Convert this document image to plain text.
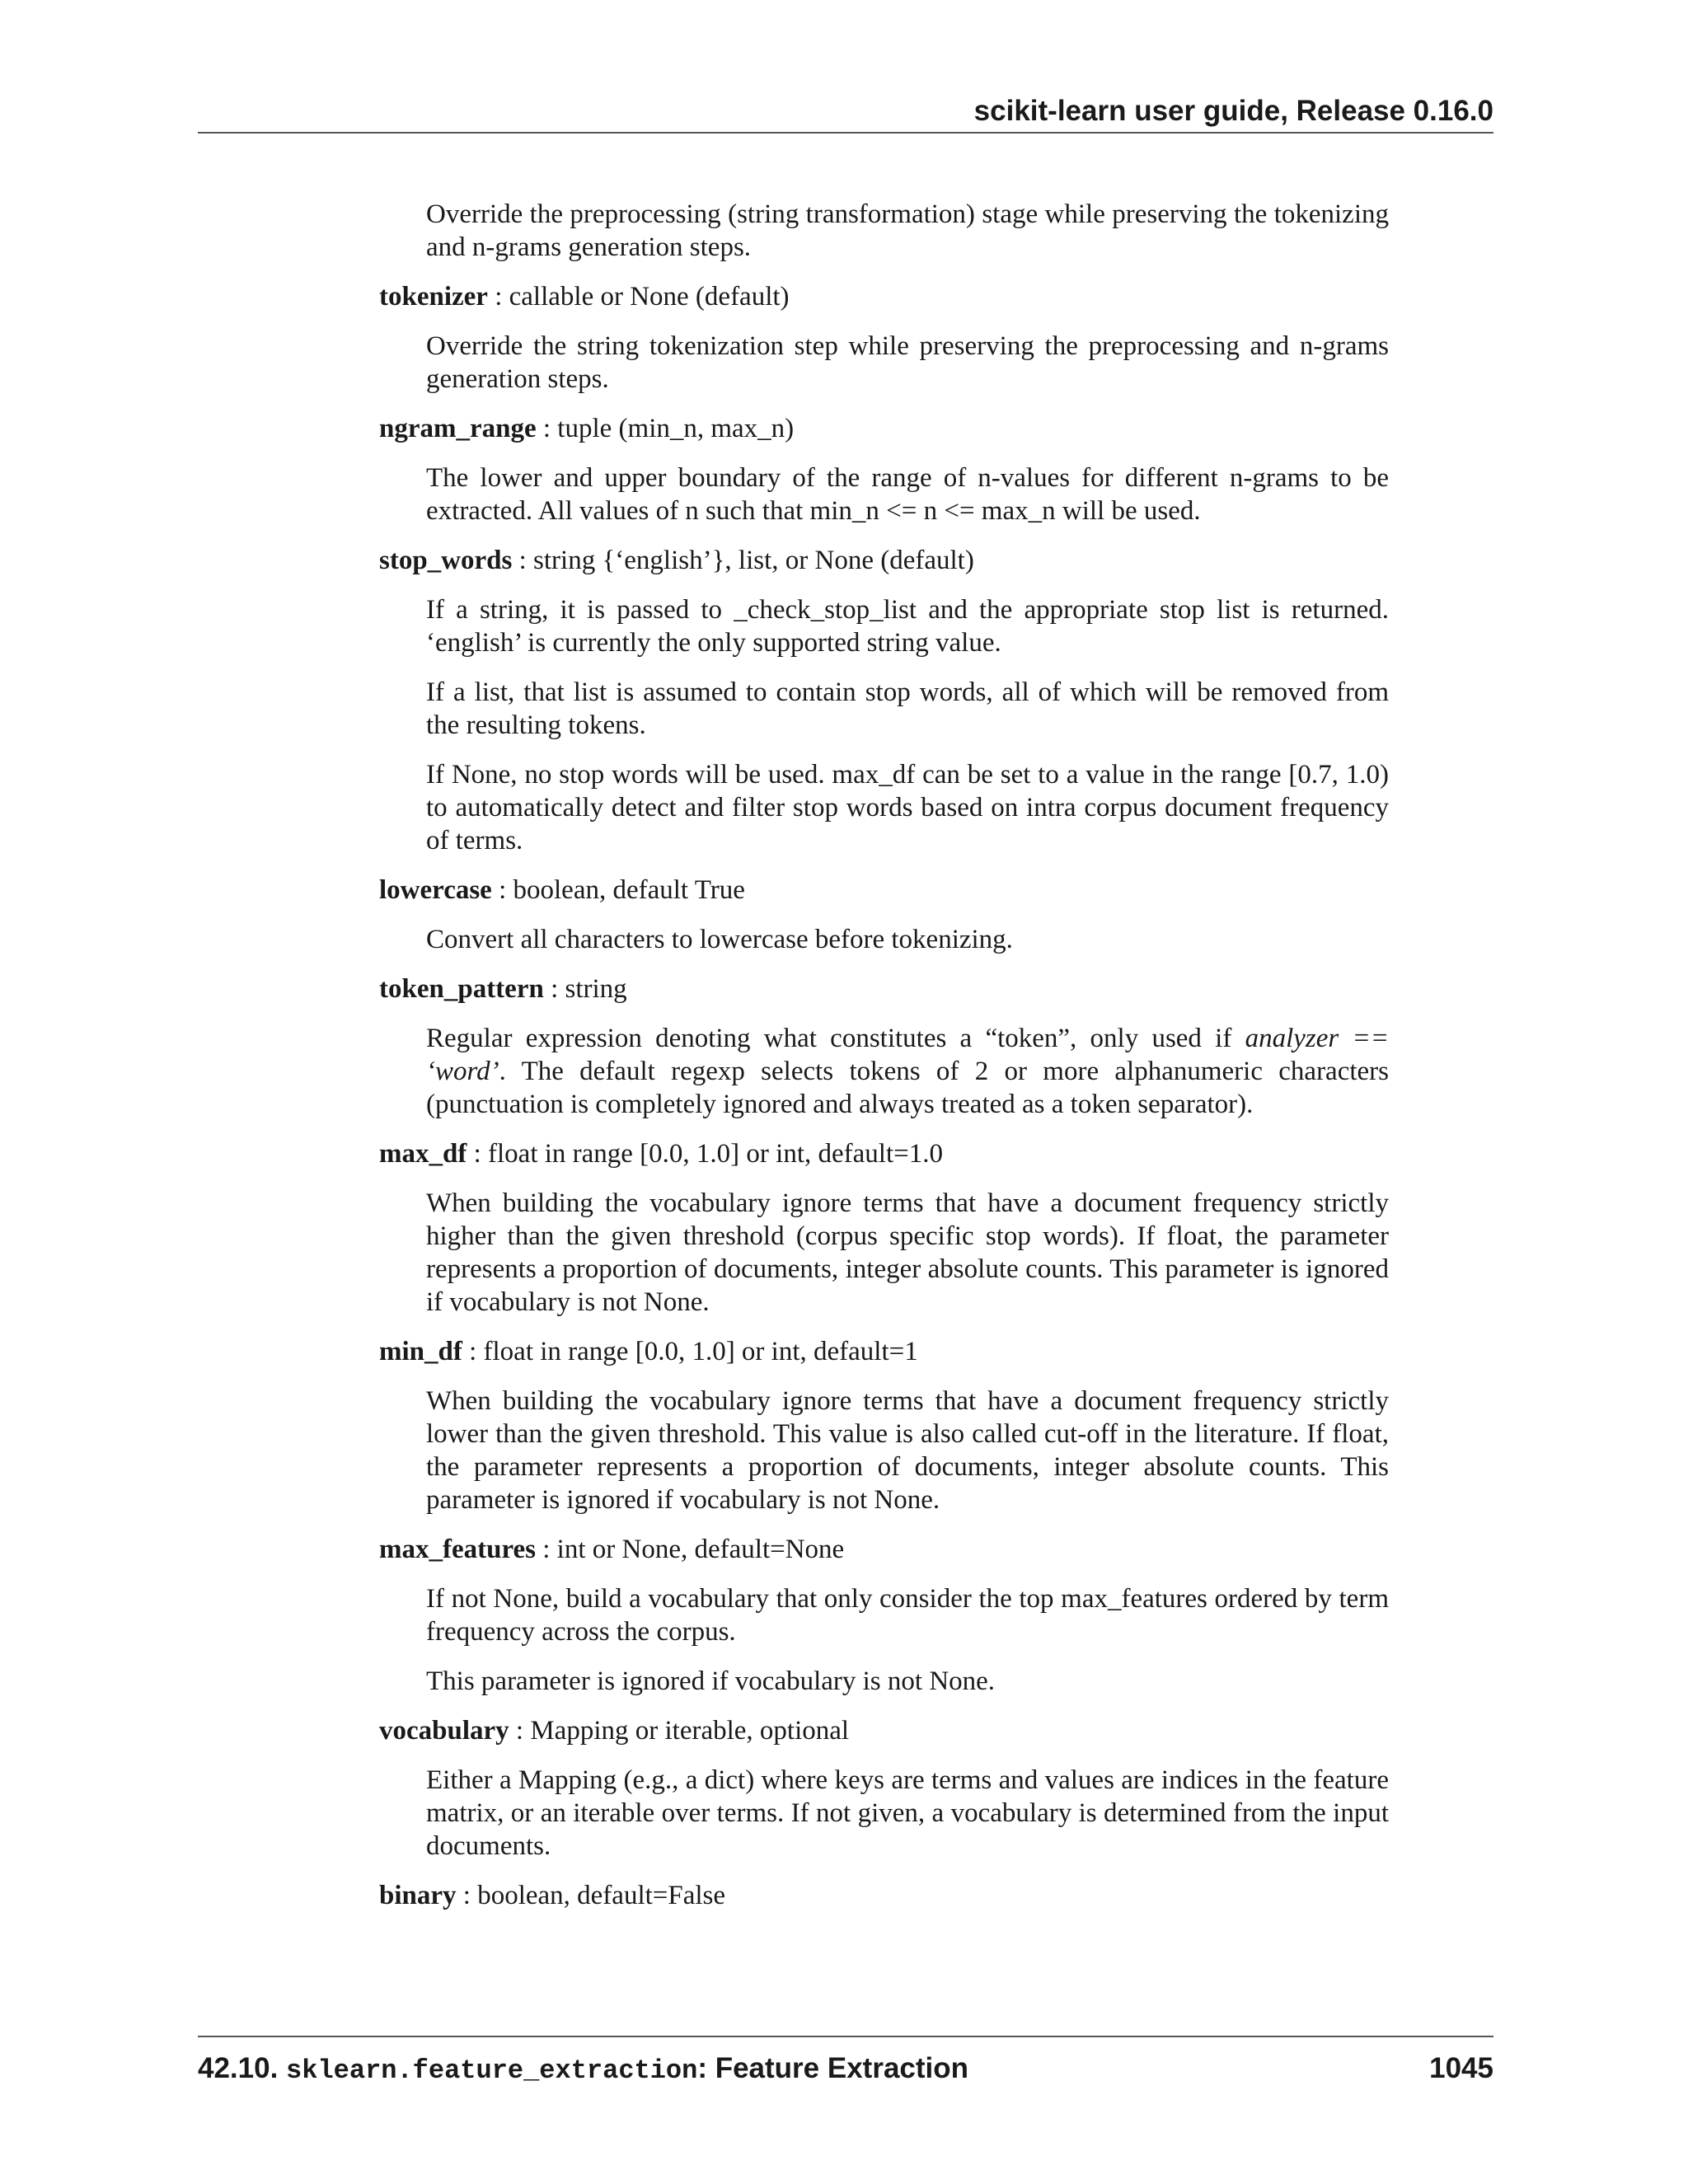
scikit-learn user guide, Release 0.16.0

Override the preprocessing (string transformation) stage while preserving the tokenizing and n-grams generation steps.

tokenizer : callable or None (default)

Override the string tokenization step while preserving the preprocessing and n-grams generation steps.

ngram_range : tuple (min_n, max_n)

The lower and upper boundary of the range of n-values for different n-grams to be extracted. All values of n such that min_n <= n <= max_n will be used.

stop_words : string {‘english’}, list, or None (default)

If a string, it is passed to _check_stop_list and the appropriate stop list is returned. ‘english’ is currently the only supported string value.

If a list, that list is assumed to contain stop words, all of which will be removed from the resulting tokens.

If None, no stop words will be used. max_df can be set to a value in the range [0.7, 1.0) to automatically detect and filter stop words based on intra corpus document frequency of terms.

lowercase : boolean, default True

Convert all characters to lowercase before tokenizing.

token_pattern : string

Regular expression denoting what constitutes a “token”, only used if analyzer == ‘word’. The default regexp selects tokens of 2 or more alphanumeric characters (punctuation is completely ignored and always treated as a token separator).

max_df : float in range [0.0, 1.0] or int, default=1.0

When building the vocabulary ignore terms that have a document frequency strictly higher than the given threshold (corpus specific stop words). If float, the parameter represents a proportion of documents, integer absolute counts. This parameter is ignored if vocabulary is not None.

min_df : float in range [0.0, 1.0] or int, default=1

When building the vocabulary ignore terms that have a document frequency strictly lower than the given threshold. This value is also called cut-off in the literature. If float, the parameter represents a proportion of documents, integer absolute counts. This parameter is ignored if vocabulary is not None.

max_features : int or None, default=None

If not None, build a vocabulary that only consider the top max_features ordered by term frequency across the corpus.

This parameter is ignored if vocabulary is not None.

vocabulary : Mapping or iterable, optional

Either a Mapping (e.g., a dict) where keys are terms and values are indices in the feature matrix, or an iterable over terms. If not given, a vocabulary is determined from the input documents.

binary : boolean, default=False
42.10. sklearn.feature_extraction: Feature Extraction	1045
